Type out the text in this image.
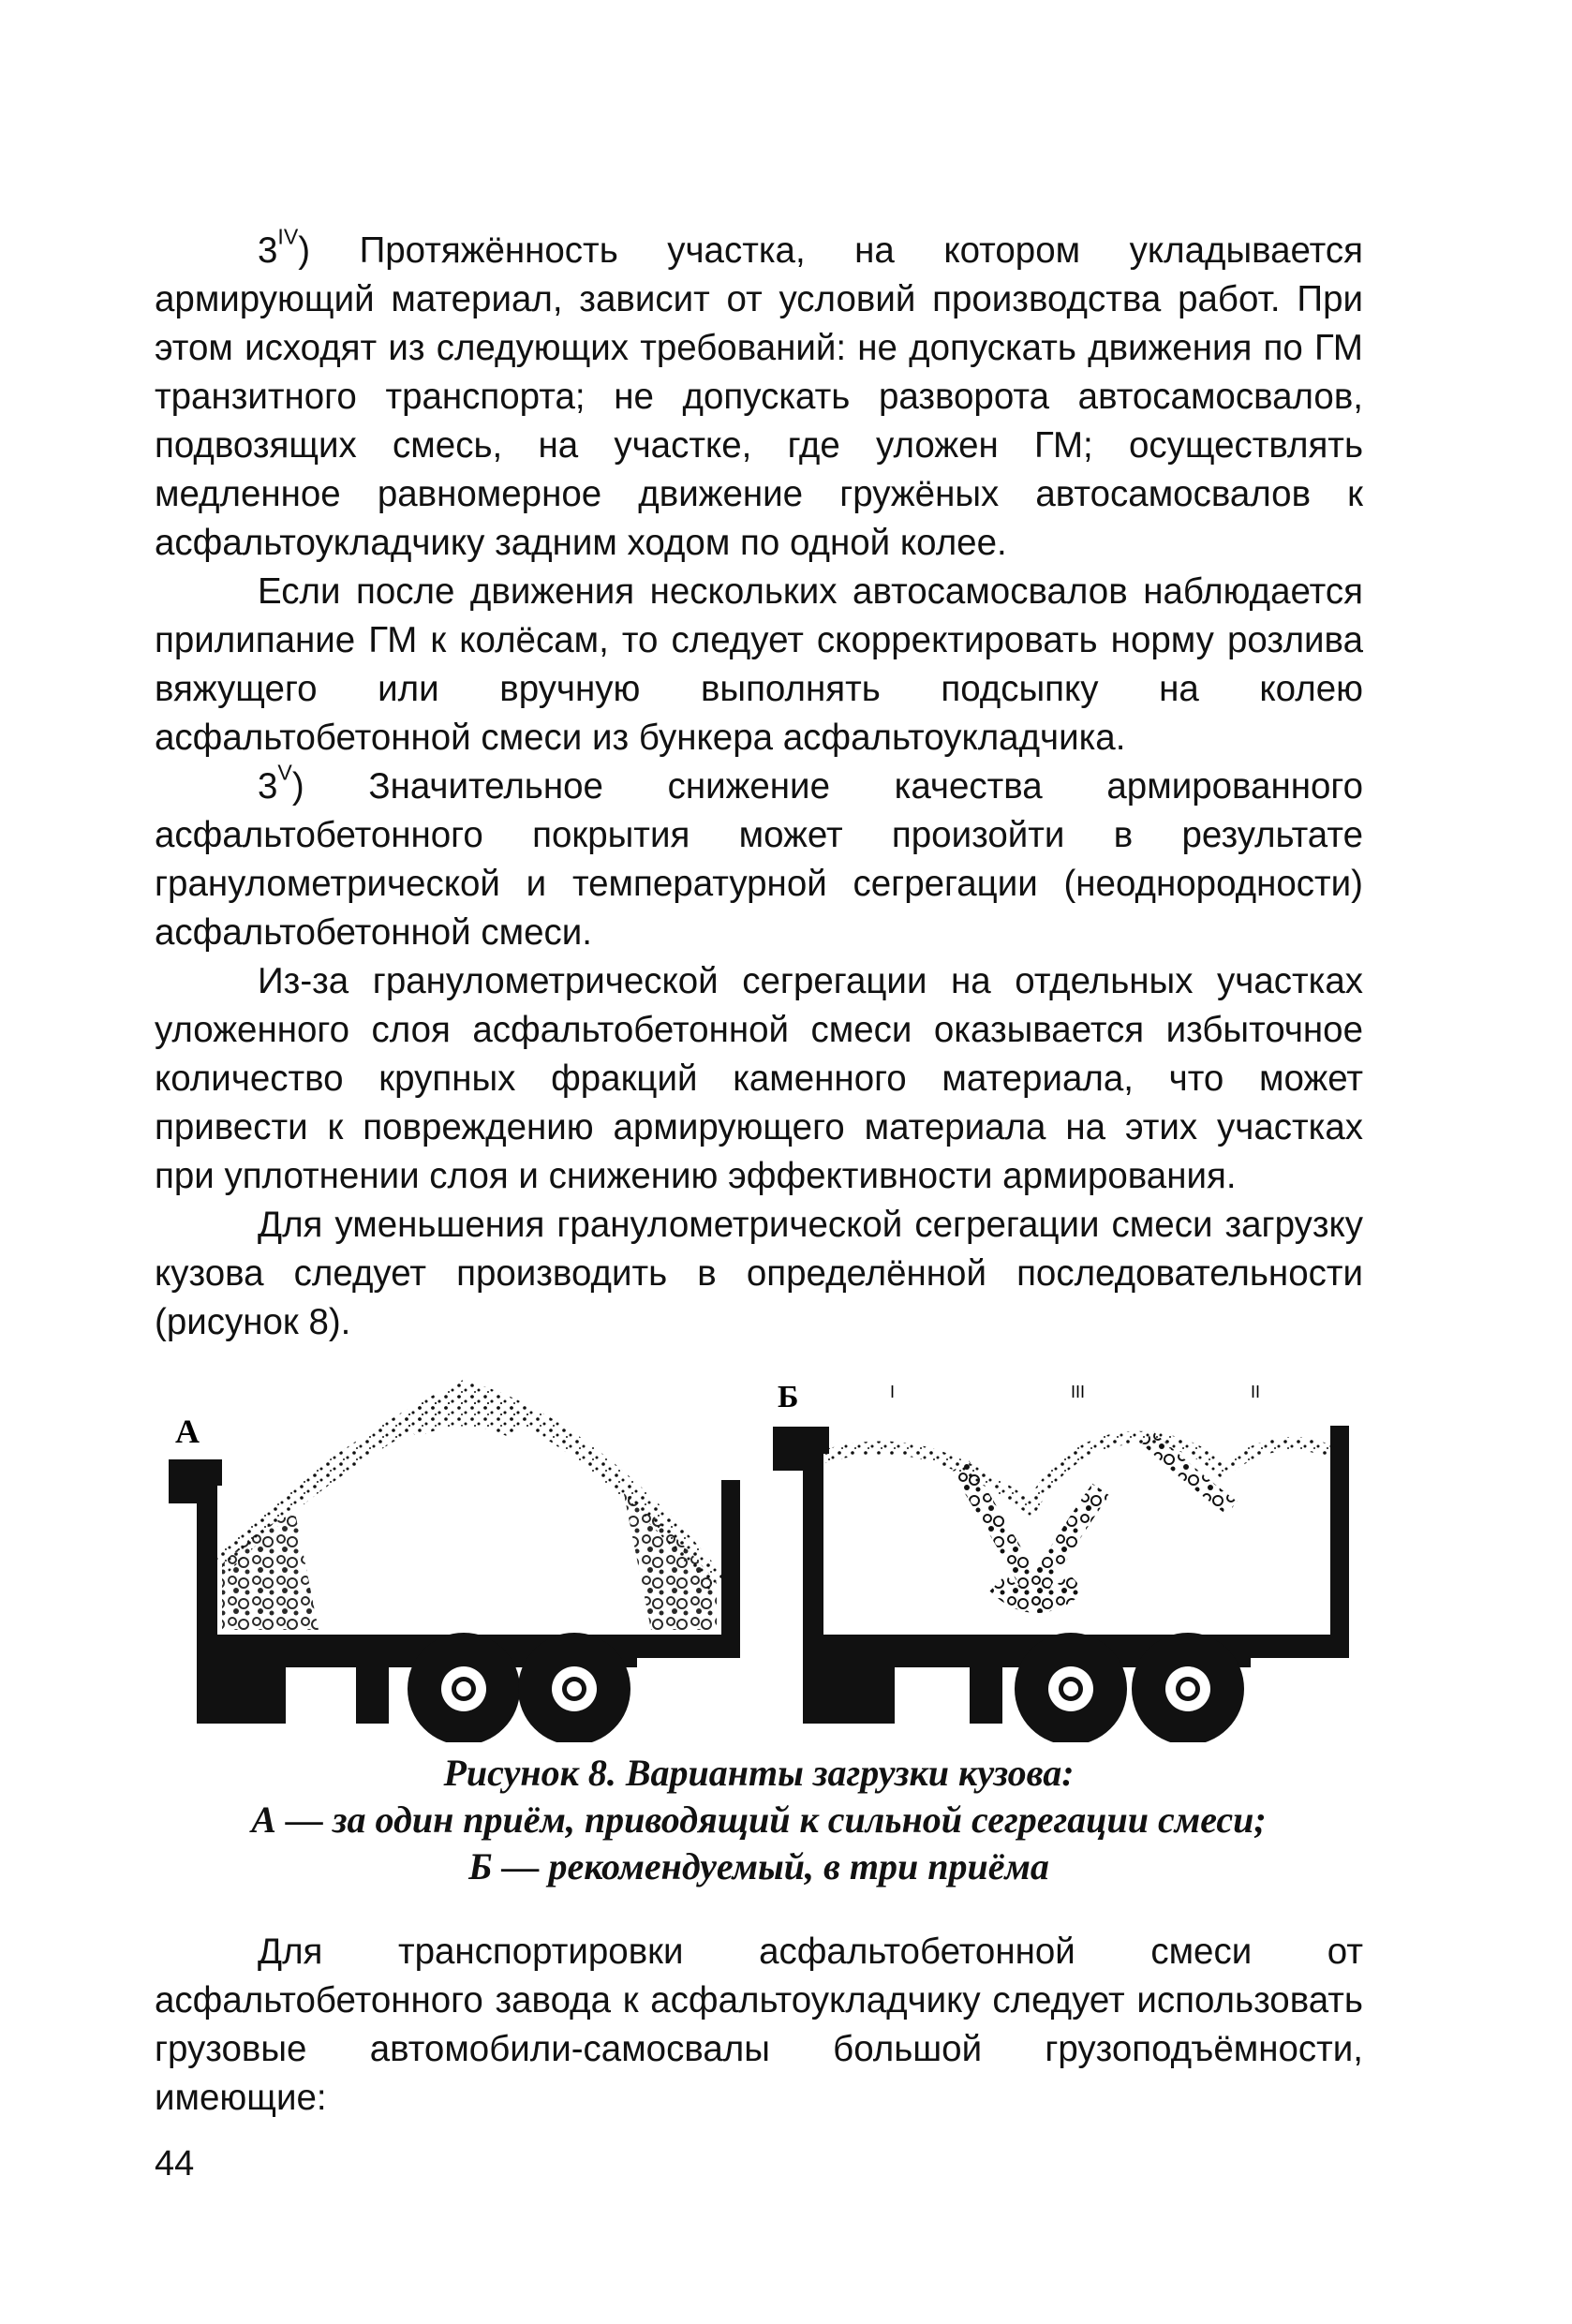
$3^{IV}$) Протяжённость участка, на котором укладывается армирующий материал, зависит от условий производства работ. При этом исходят из следующих требований: не допускать движения по ГМ транзитного транспорта; не допускать разворота автосамосвалов, подвозящих смесь, на участке, где уложен ГМ; осуществлять медленное равномерное движение гружёных автосамосвалов к асфальтоукладчику задним ходом по одной колее.

Если после движения нескольких автосамосвалов наблюдается прилипание ГМ к колёсам, то следует скорректировать норму розлива вяжущего или вручную выполнять подсыпку на колею асфальтобетонной смеси из бункера асфальтоукладчика.

$3^V$) Значительное снижение качества армированного асфальтобетонного покрытия может произойти в результате гранулометрической и температурной сегрегации (неоднородности) асфальтобетонной смеси.

Из-за гранулометрической сегрегации на отдельных участках уложенного слоя асфальтобетонной смеси оказывается избыточное количество крупных фракций каменного материала, что может привести к повреждению армирующего материала на этих участках при уплотнении слоя и снижению эффективности армирования.

Для уменьшения гранулометрической сегрегации смеси загрузку кузова следует производить в определённой последовательности (рисунок 8).

А
Б	I	III	II
Рисунок 8. Варианты загрузки кузова:
А — за один приём, приводящий к сильной сегрегации смеси;
Б — рекомендуемый, в три приёма

Для транспортировки асфальтобетонной смеси от асфальтобетонного завода к асфальтоукладчику следует использовать грузовые автомобили-самосвалы большой грузоподъёмности, имеющие:

44
